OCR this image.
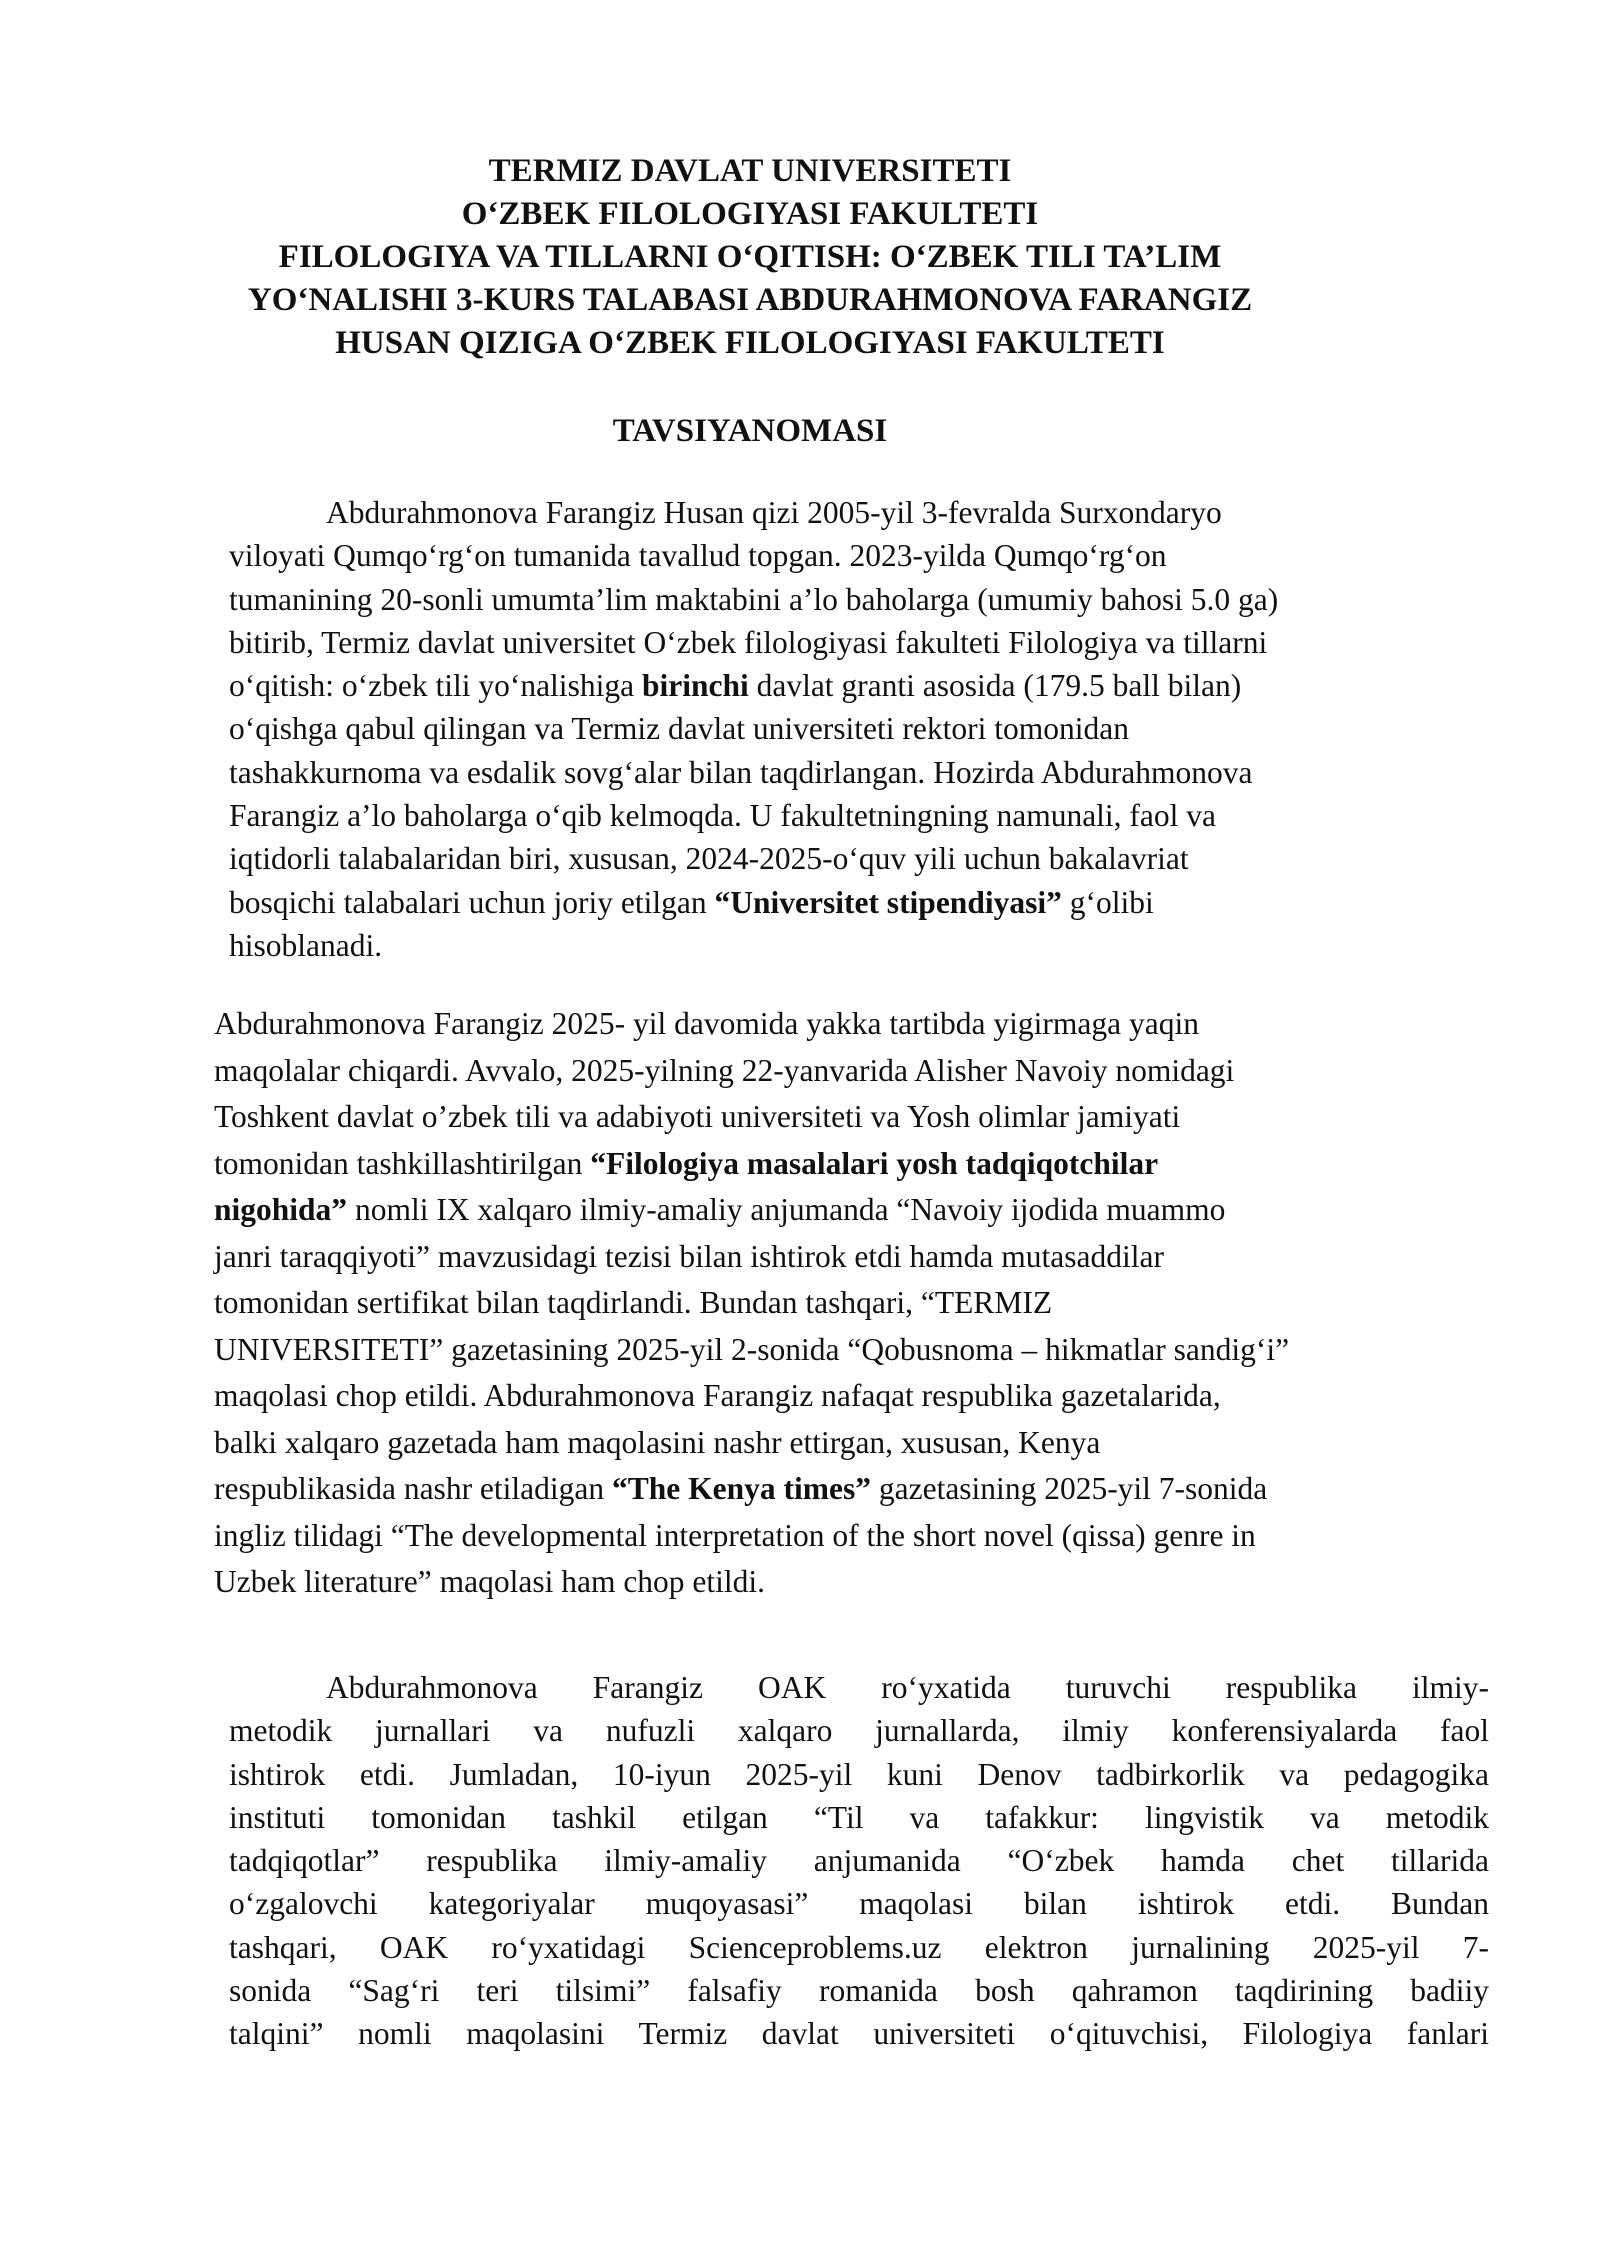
TERMIZ DAVLAT UNIVERSITETI
O‘ZBEK FILOLOGIYASI FAKULTETI
FILOLOGIYA VA TILLARNI O‘QITISH: O‘ZBEK TILI TA’LIM
YO‘NALISHI 3-KURS TALABASI ABDURAHMONOVA FARANGIZ
HUSAN QIZIGA O‘ZBEK FILOLOGIYASI FAKULTETI
TAVSIYANOMASI
Abdurahmonova Farangiz Husan qizi 2005-yil 3-fevralda Surxondaryo
viloyati Qumqo‘rg‘on tumanida tavallud topgan. 2023-yilda Qumqo‘rg‘on
tumanining 20-sonli umumta’lim maktabini a’lo baholarga (umumiy bahosi 5.0 ga)
bitirib, Termiz davlat universitet O‘zbek filologiyasi fakulteti Filologiya va tillarni
o‘qitish: o‘zbek tili yo‘nalishiga birinchi davlat granti asosida (179.5 ball bilan)
o‘qishga qabul qilingan va Termiz davlat universiteti rektori tomonidan
tashakkurnoma va esdalik sovg‘alar bilan taqdirlangan. Hozirda Abdurahmonova
Farangiz a’lo baholarga o‘qib kelmoqda. U fakultetningning namunali, faol va
iqtidorli talabalaridan biri, xususan, 2024-2025-o‘quv yili uchun bakalavriat
bosqichi talabalari uchun joriy etilgan “Universitet stipendiyasi” g‘olibi
hisoblanadi.
Abdurahmonova Farangiz 2025- yil davomida yakka tartibda yigirmaga yaqin
maqolalar chiqardi. Avvalo, 2025-yilning 22-yanvarida Alisher Navoiy nomidagi
Toshkent davlat o’zbek tili va adabiyoti universiteti va Yosh olimlar jamiyati
tomonidan tashkillashtirilgan “Filologiya masalalari yosh tadqiqotchilar
nigohida” nomli IX xalqaro ilmiy-amaliy anjumanda “Navoiy ijodida muammo
janri taraqqiyoti” mavzusidagi tezisi bilan ishtirok etdi hamda mutasaddilar
tomonidan sertifikat bilan taqdirlandi. Bundan tashqari, “TERMIZ
UNIVERSITETI” gazetasining 2025-yil 2-sonida “Qobusnoma – hikmatlar sandig‘i”
maqolasi chop etildi. Abdurahmonova Farangiz nafaqat respublika gazetalarida,
balki xalqaro gazetada ham maqolasini nashr ettirgan, xususan, Kenya
respublikasida nashr etiladigan “The Kenya times” gazetasining 2025-yil 7-sonida
ingliz tilidagi “The developmental interpretation of the short novel (qissa) genre in
Uzbek literature” maqolasi ham chop etildi.
Abdurahmonova Farangiz OAK ro‘yxatida turuvchi respublika ilmiy-
metodik jurnallari va nufuzli xalqaro jurnallarda, ilmiy konferensiyalarda faol
ishtirok etdi. Jumladan, 10-iyun 2025-yil kuni Denov tadbirkorlik va pedagogika
instituti tomonidan tashkil etilgan “Til va tafakkur: lingvistik va metodik
tadqiqotlar” respublika ilmiy-amaliy anjumanida “O‘zbek hamda chet tillarida
o‘zgalovchi kategoriyalar muqoyasasi” maqolasi bilan ishtirok etdi. Bundan
tashqari, OAK ro‘yxatidagi Scienceproblems.uz elektron jurnalining 2025-yil 7-
sonida “Sag‘ri teri tilsimi” falsafiy romanida bosh qahramon taqdirining badiiy
talqini” nomli maqolasini Termiz davlat universiteti o‘qituvchisi, Filologiya fanlari
